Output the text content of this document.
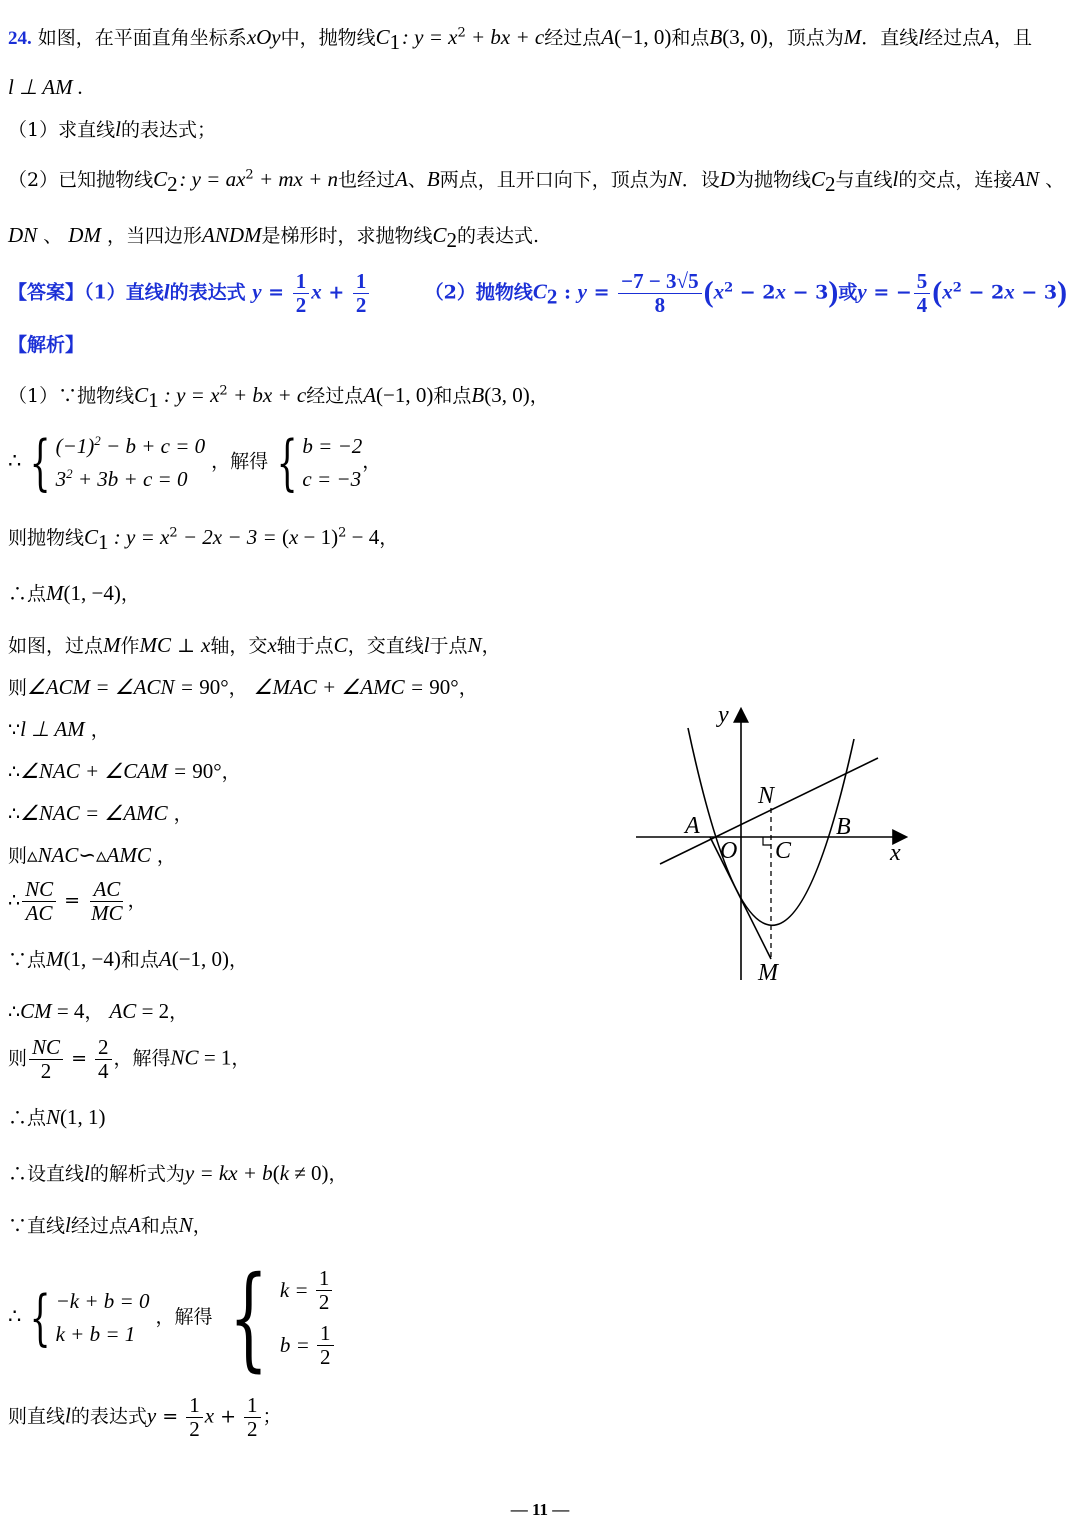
24. 如图，在平面直角坐标系xOy中，抛物线$C_1$ : $y = x^2$ + bx + c经过点A(−1, 0)和点B(3, 0)，顶点为M．直线l经过点A，且
l ⊥ AM .
（1）求直线l的表达式；
（2）已知抛物线$C_2$ : $y = ax^2$ + mx + n也经过A、B两点，且开口向下，顶点为N．设D为抛物线$C_2$与直线l的交点，连接AN 、
DN 、 DM ，当四边形ANDM是梯形时，求抛物线$C_2$的表达式.
【答案】（1）直线l的表达式 $y = \frac{1}{2}$ $x + \frac{1}{2}$	（2）抛物线$C_2$ : $y = \frac{-7 - 3√5}{8} (x^2 - 2x - 3)$或y = − $\frac{5}{4} (x^2 - 2x - 3)$
【解析】
（1）∵抛物线$C_1$ : $y = x^2$ + bx + c经过点A(−1, 0)和点B(3, 0)，
∴ { $(-1)^2 - b + c = 0$
$3^2 + 3b + c = 0$
，解得 { b = −2
c = −3
，
则抛物线$C_1$ : $y = x^2 - 2x - 3 = (x - 1)^2 - 4$，
∴点M(1, −4)，
如图，过点M作MC ⊥ x轴，交x轴于点C，交直线l于点N，
则∠ACM = ∠ACN = 90°， ∠MAC + ∠AMC = 90°，
∵l ⊥ AM ，
∴∠NAC + ∠CAM = 90°，
∴∠NAC = ∠AMC ，
则▵NAC∽▵AMC ，
∴ $\frac{NC}{AC} = \frac{AC}{MC}$ ，
∵点M(1, −4)和点A(−1, 0)，
∴CM = 4， AC = 2，
则 $\frac{NC}{2} = \frac{2}{4}$ ，解得NC = 1，
∴点N(1, 1)
∴设直线l的解析式为y = kx + b(k ≠ 0)，
∵直线l经过点A和点N，
∴ { −k + b = 0
k + b = 1
，解得 { $k = \frac{1}{2}$
$b = \frac{1}{2}$
则直线l的表达式$y = \frac{1}{2}$ $x + \frac{1}{2}$ ；
y
N
A	B
O C	x
M
— 11 —
